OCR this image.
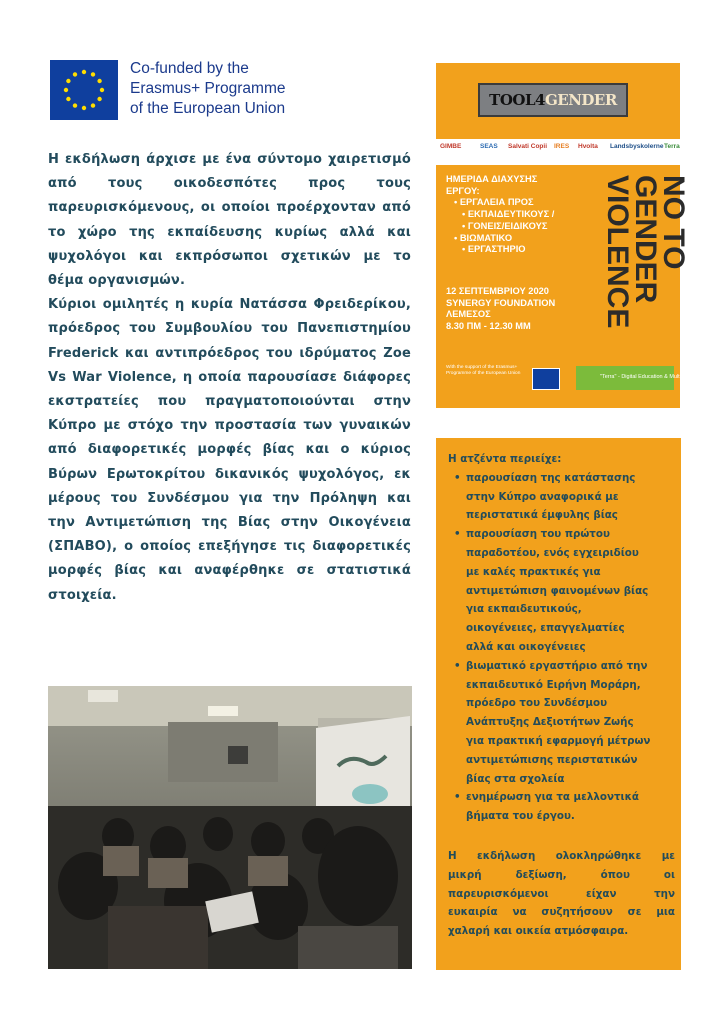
Co-funded by the
Erasmus+ Programme
of the European Union

Η εκδήλωση άρχισε με ένα σύντομο χαιρετισμό από τους οικοδεσπότες προς τους παρευρισκόμενους, οι οποίοι προέρχονταν από το χώρο της εκπαίδευσης κυρίως αλλά και ψυχολόγοι και εκπρόσωποι σχετικών με το θέμα οργανισμών.

Κύριοι ομιλητές η κυρία Νατάσσα Φρειδερίκου, πρόεδρος του Συμβουλίου του Πανεπιστημίου Frederick και αντιπρόεδρος του ιδρύματος Zoe Vs War Violence, η οποία παρουσίασε διάφορες εκστρατείες που πραγματοποιούνται στην Κύπρο με στόχο την προστασία των γυναικών από διαφορετικές μορφές βίας και ο κύριος Βύρων Ερωτοκρίτου δικανικός ψυχολόγος, εκ μέρους του Συνδέσμου για την Πρόληψη και την Αντιμετώπιση της Βίας στην Οικογένεια (ΣΠΑΒΟ), ο οποίος επεξήγησε τις διαφορετικές μορφές βίας και αναφέρθηκε σε στατιστικά στοιχεία.

TOOL4GENDER
GIMBE	SEAS Salvati Copii IRES Hvolta Landsbyskolerne Terra
ΗΜΕΡΙΔΑ ΔΙΑΧΥΣΗΣ
ΕΡΓΟΥ:
• ΕΡΓΑΛΕΙΑ ΠΡΟΣ
• ΕΚΠΑΙΔΕΥΤΙΚΟΥΣ /
• ΓΟΝΕΙΣ/ΕΙΔΙΚΟΥΣ
• ΒΙΩΜΑΤΙΚΟ
• ΕΡΓΑΣΤΗΡΙΟ
12 ΣΕΠΤΕΜΒΡΙΟΥ 2020
SYNERGY FOUNDATION
ΛΕΜΕΣΟΣ
8.30 ΠΜ - 12.30 ΜΜ
NO TO
GENDER
VIOLENCE
With the support of the Erasmus+ Programme of the European Union
"Terra" - Digital Education & Multimix
Η ατζέντα περιείχε:
• παρουσίαση της κατάστασης
στην Κύπρο αναφορικά με
περιστατικά έμφυλης βίας
• παρουσίαση του πρώτου
παραδοτέου, ενός εγχειριδίου
με καλές πρακτικές για
αντιμετώπιση φαινομένων βίας
για εκπαιδευτικούς,
οικογένειες, επαγγελματίες
αλλά και οικογένειες
• βιωματικό εργαστήριο από την
εκπαιδευτικό Ειρήνη Μοράρη,
πρόεδρο του Συνδέσμου
Ανάπτυξης Δεξιοτήτων Ζωής
για πρακτική εφαρμογή μέτρων
αντιμετώπισης περιστατικών
βίας στα σχολεία
• ενημέρωση για τα μελλοντικά
βήματα του έργου.
Η εκδήλωση ολοκληρώθηκε με
μικρή	δεξίωση,	όπου	οι
παρευρισκόμενοι	είχαν	την
ευκαιρία να συζητήσουν σε μια
χαλαρή και οικεία ατμόσφαιρα.
